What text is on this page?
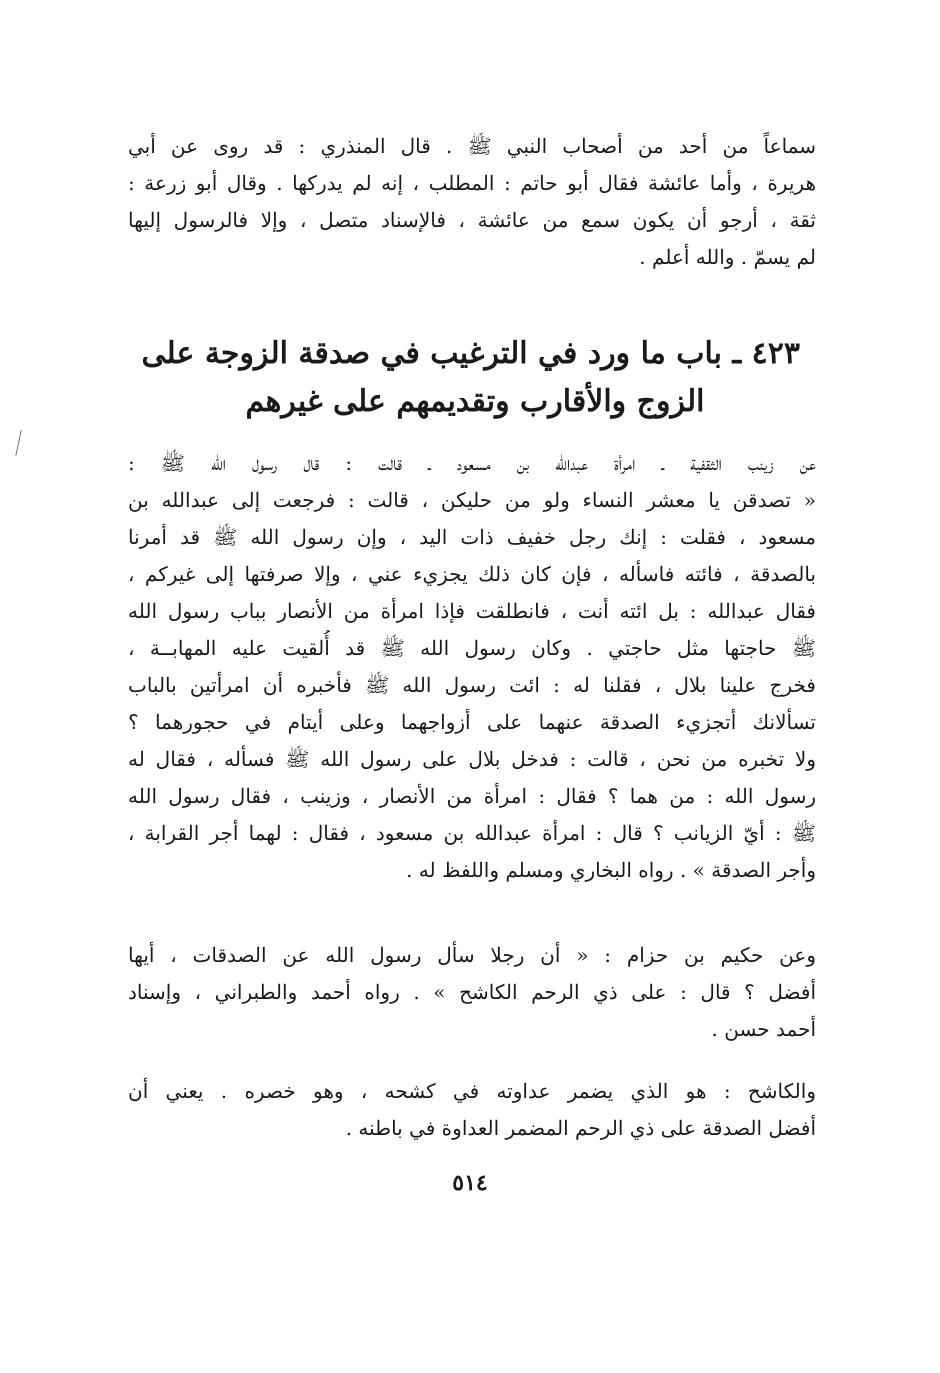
سماعاً من أحد من أصحاب النبي ﷺ . قال المنذري : قد روى عن أبي
هريرة ، وأما عائشة فقال أبو حاتم : المطلب ، إنه لم يدركها . وقال أبو زرعة :
ثقة ، أرجو أن يكون سمع من عائشة ، فالإسناد متصل ، وإلا فالرسول إليها
لم يسمّ . والله أعلم .
٤٢٣ ـ باب ما ورد في الترغيب في صدقة الزوجة على
الزوج والأقارب وتقديمهم على غيرهم
عن زينب الثقفية ـ امرأة عبدالله بن مسعود ـ قالت : قال رسول الله ﷺ :
« تصدقن يا معشر النساء ولو من حليكن ، قالت : فرجعت إلى عبدالله بن
مسعود ، فقلت : إنك رجل خفيف ذات اليد ، وإن رسول الله ﷺ قد أمرنا
بالصدقة ، فائته فاسأله ، فإن كان ذلك يجزيء عني ، وإلا صرفتها إلى غيركم ،
فقال عبدالله : بل ائته أنت ، فانطلقت فإذا امرأة من الأنصار بباب رسول الله
ﷺ حاجتها مثل حاجتي . وكان رسول الله ﷺ قد أُلقيت عليه المهابــة ،
فخرج علينا بلال ، فقلنا له : ائت رسول الله ﷺ فأخبره أن امرأتين بالباب
تسألانك أتجزيء الصدقة عنهما على أزواجهما وعلى أيتام في حجورهما ؟
ولا تخبره من نحن ، قالت : فدخل بلال على رسول الله ﷺ فسأله ، فقال له
رسول الله : من هما ؟ فقال : امرأة من الأنصار ، وزينب ، فقال رسول الله
ﷺ : أيّ الزيانب ؟ قال : امرأة عبدالله بن مسعود ، فقال : لهما أجر القرابة ،
وأجر الصدقة » . رواه البخاري ومسلم واللفظ له .
وعن حكيم بن حزام : « أن رجلا سأل رسول الله عن الصدقات ، أيها
أفضل ؟ قال : على ذي الرحم الكاشح » . رواه أحمد والطبراني ، وإسناد
أحمد حسن .
والكاشح : هو الذي يضمر عداوته في كشحه ، وهو خصره . يعني أن
أفضل الصدقة على ذي الرحم المضمر العداوة في باطنه .
٥١٤
